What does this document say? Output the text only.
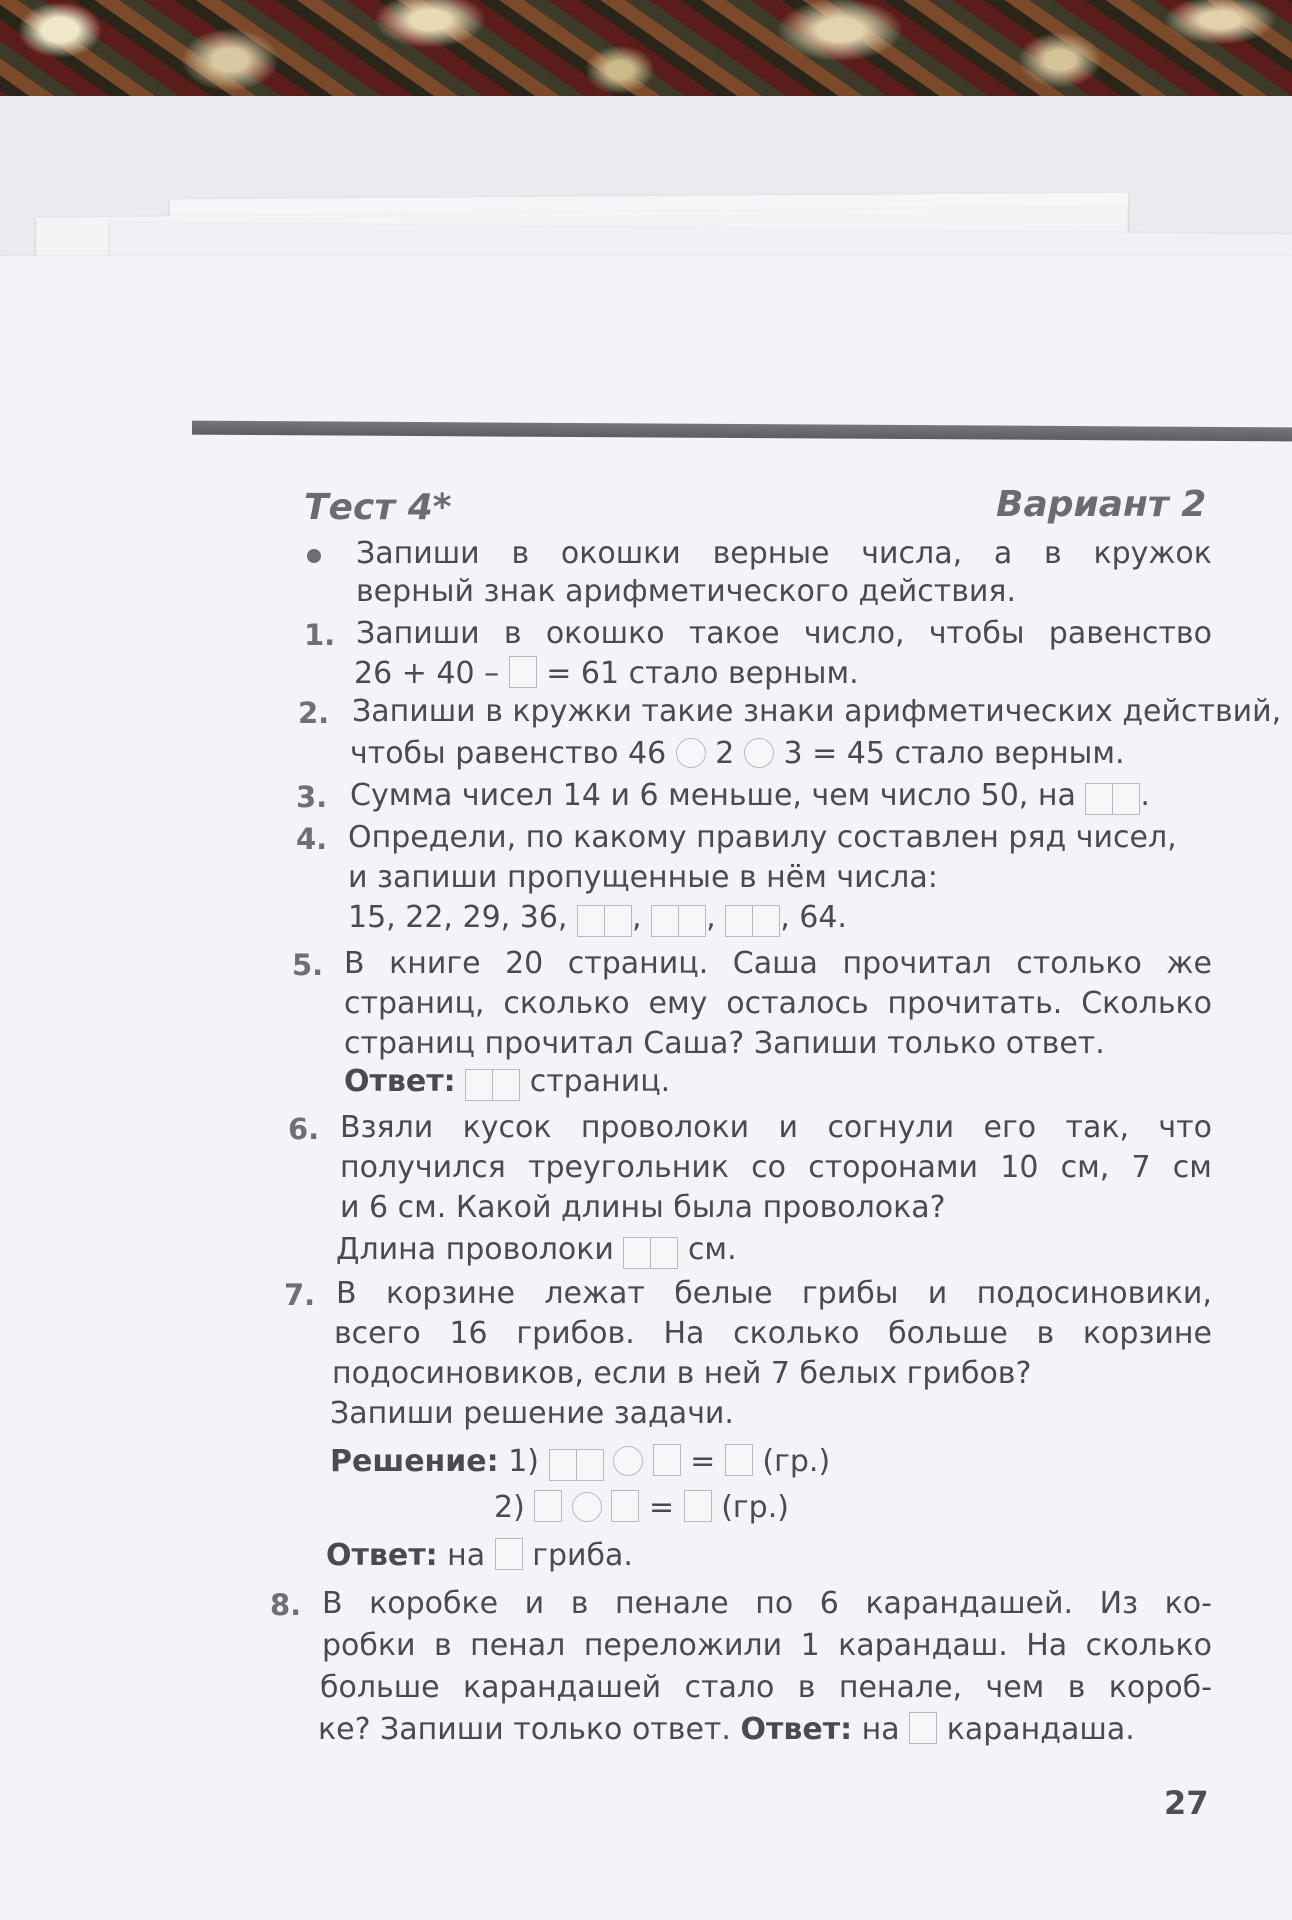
Тест 4*	Вариант 2
Запиши в окошки верные числа, а в кружок
верный знак арифметического действия.
1. Запиши в окошко такое число, чтобы равенство
26 + 40 – = 61 стало верным.
2. Запиши в кружки такие знаки арифметических действий,
чтобы равенство 46 2 3 = 45 стало верным.
3. Сумма чисел 14 и 6 меньше, чем число 50, на .
4. Определи, по какому правилу составлен ряд чисел,
и запиши пропущенные в нём числа:
15, 22, 29, 36, , , , 64.
5. В книге 20 страниц. Саша прочитал столько же
страниц, сколько ему осталось прочитать. Сколько
страниц прочитал Саша? Запиши только ответ.
Ответ: страниц.
6. Взяли кусок проволоки и согнули его так, что
получился треугольник со сторонами 10 см, 7 см
и 6 см. Какой длины была проволока?
Длина проволоки см.
7. В корзине лежат белые грибы и подосиновики,
всего 16 грибов. На сколько больше в корзине
подосиновиков, если в ней 7 белых грибов?
Запиши решение задачи.
Решение: 1)	= (гр.)
2)	= (гр.)
Ответ: на гриба.
8. В коробке и в пенале по 6 карандашей. Из ко-
робки в пенал переложили 1 карандаш. На сколько
больше карандашей стало в пенале, чем в короб-
ке? Запиши только ответ. Ответ: на карандаша.
27
